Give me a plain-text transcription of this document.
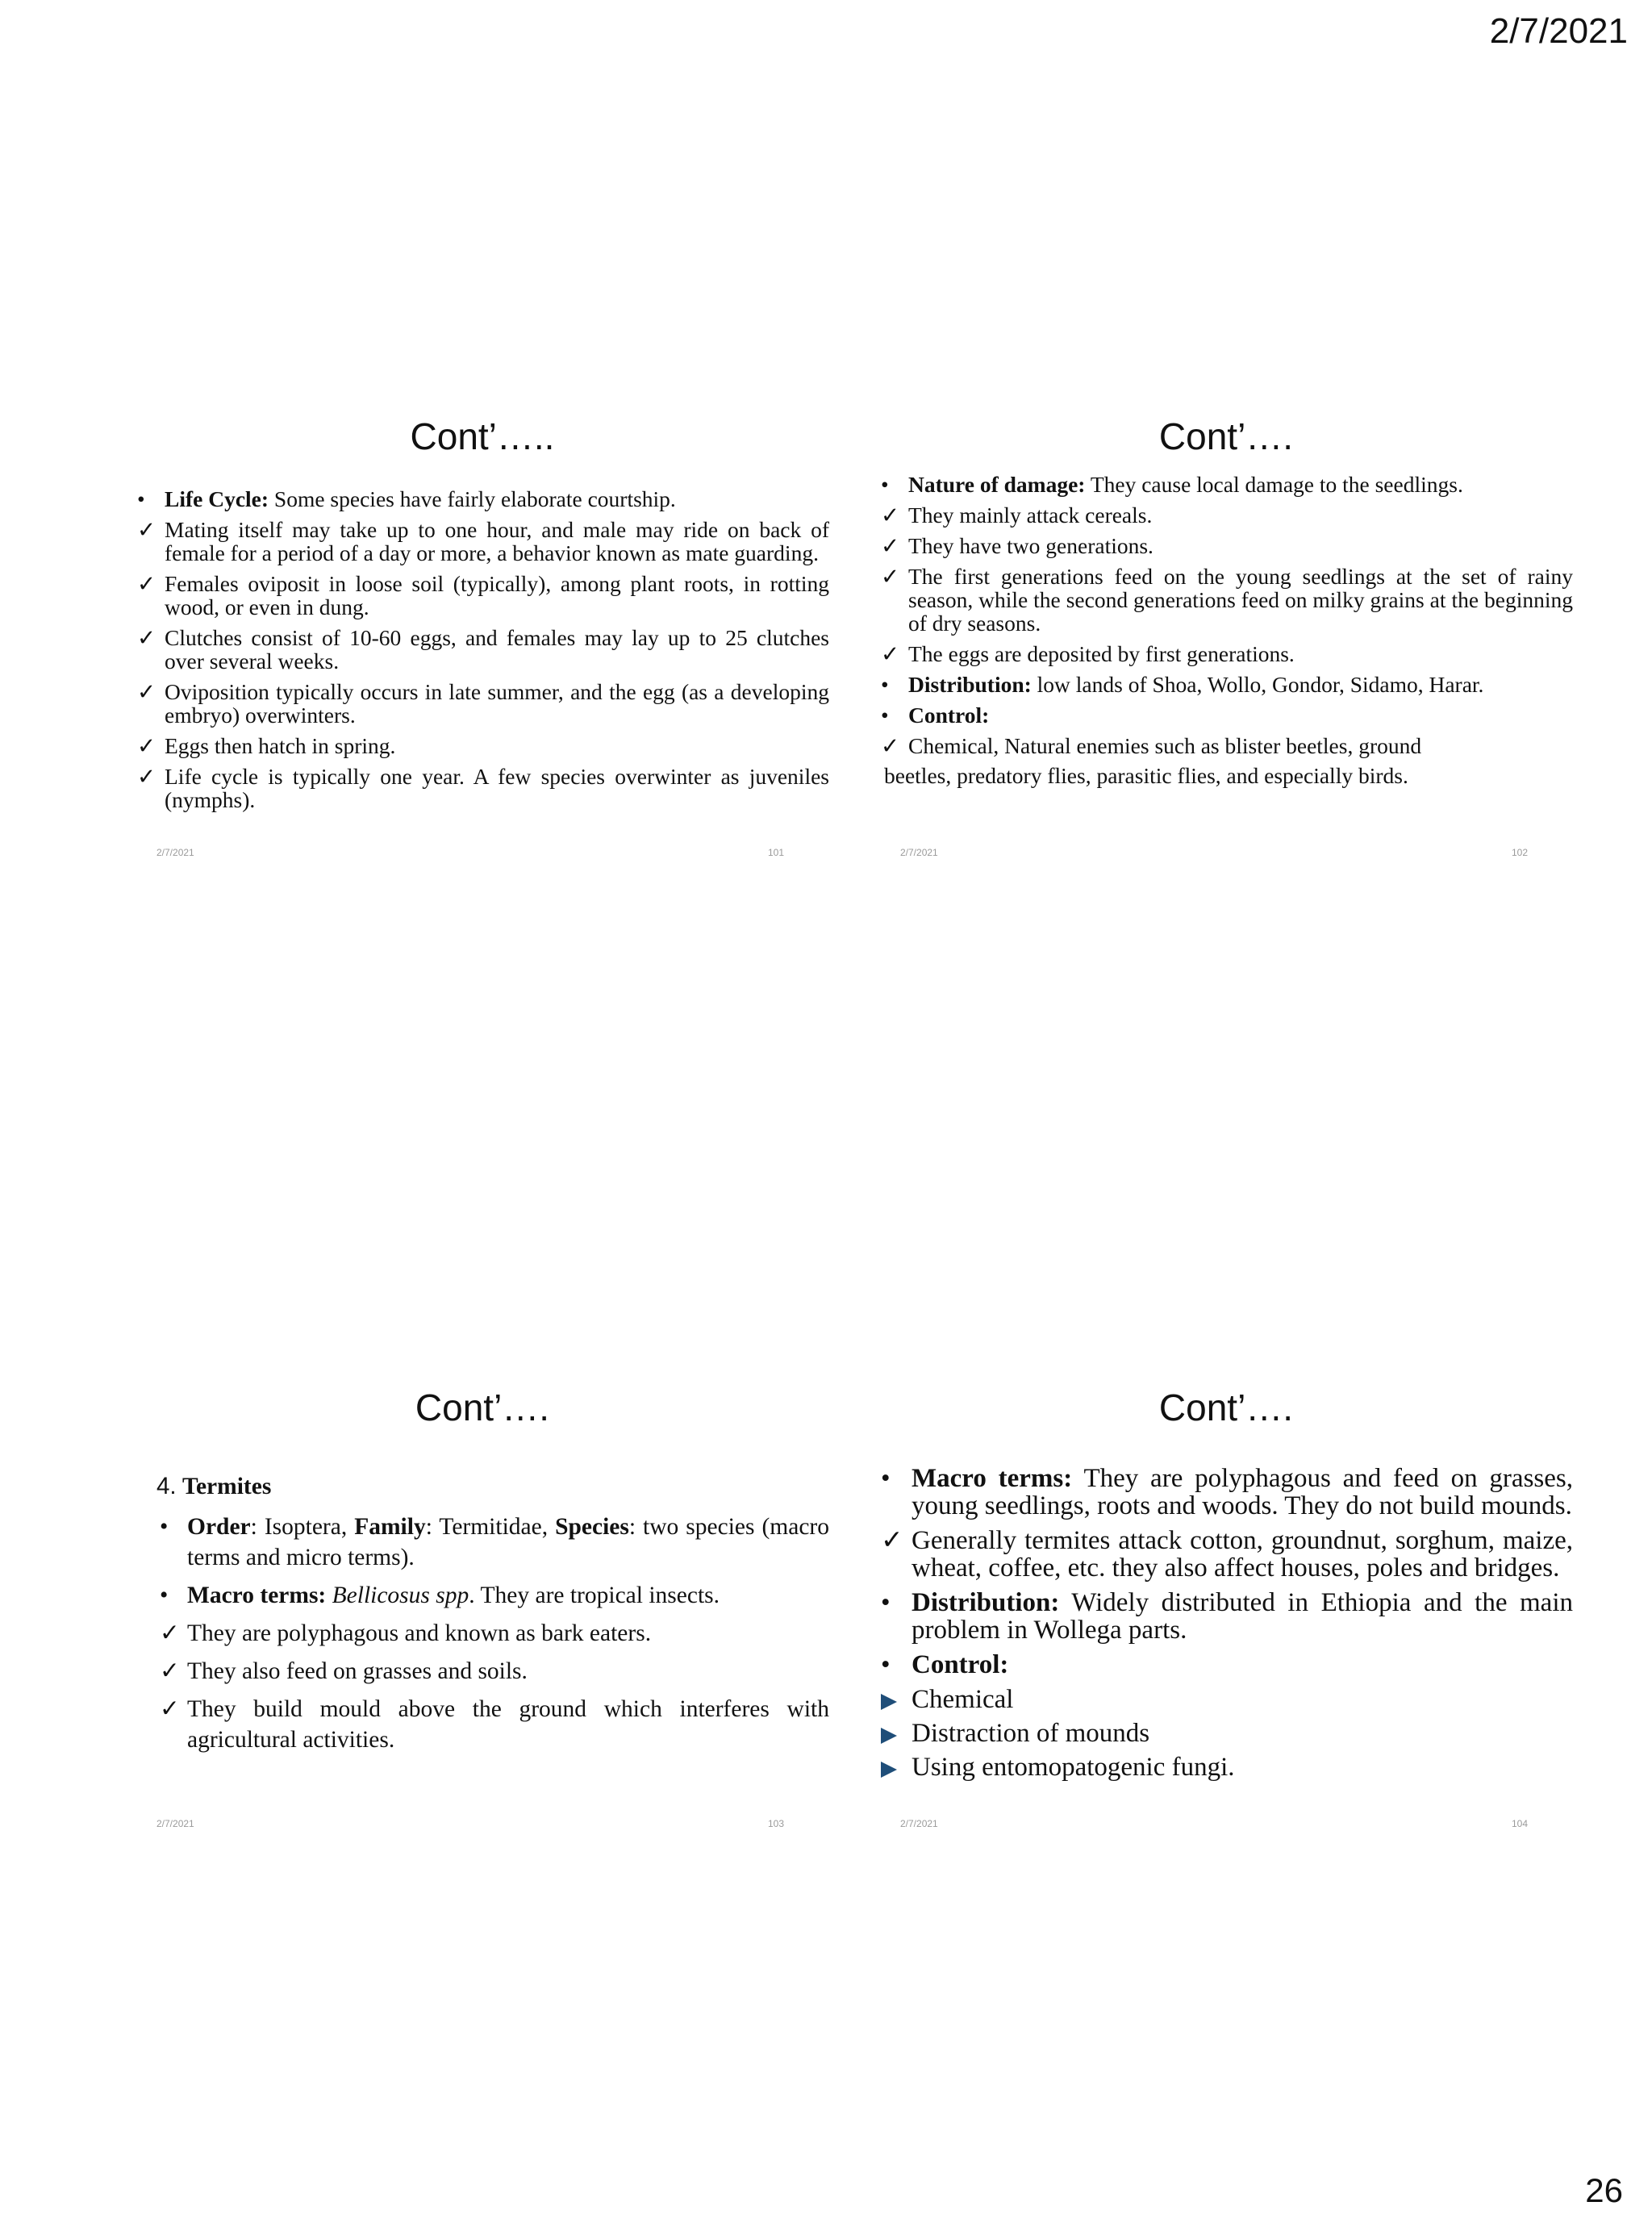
2/7/2021
Cont’…..
• Life Cycle: Some species have fairly elaborate courtship.
✓ Mating itself may take up to one hour, and male may ride on back of female for a period of a day or more, a behavior known as mate guarding.
✓ Females oviposit in loose soil (typically), among plant roots, in rotting wood, or even in dung.
✓ Clutches consist of 10-60 eggs, and females may lay up to 25 clutches over several weeks.
✓ Oviposition typically occurs in late summer, and the egg (as a developing embryo) overwinters.
✓ Eggs then hatch in spring.
✓ Life cycle is typically one year. A few species overwinter as juveniles (nymphs).
2/7/2021	101
Cont’….
• Nature of damage: They cause local damage to the seedlings.
✓ They mainly attack cereals.
✓ They have two generations.
✓ The first generations feed on the young seedlings at the set of rainy season, while the second generations feed on milky grains at the beginning of dry seasons.
✓ The eggs are deposited by first generations.
• Distribution: low lands of Shoa, Wollo, Gondor, Sidamo, Harar.
• Control:
✓ Chemical, Natural enemies such as blister beetles, ground
beetles, predatory flies, parasitic flies, and especially birds.
2/7/2021	102
Cont’….
4. Termites
• Order: Isoptera, Family: Termitidae, Species: two species (macro terms and micro terms).
• Macro terms: Bellicosus spp. They are tropical insects.
✓ They are polyphagous and known as bark eaters.
✓ They also feed on grasses and soils.
✓ They build mould above the ground which interferes with agricultural activities.
2/7/2021	103
Cont’….
• Macro terms: They are polyphagous and feed on grasses, young seedlings, roots and woods. They do not build mounds.
✓ Generally termites attack cotton, groundnut, sorghum, maize, wheat, coffee, etc. they also affect houses, poles and bridges.
• Distribution: Widely distributed in Ethiopia and the main problem in Wollega parts.
• Control:
Chemical
Distraction of mounds
Using entomopatogenic fungi.
2/7/2021	104
26
